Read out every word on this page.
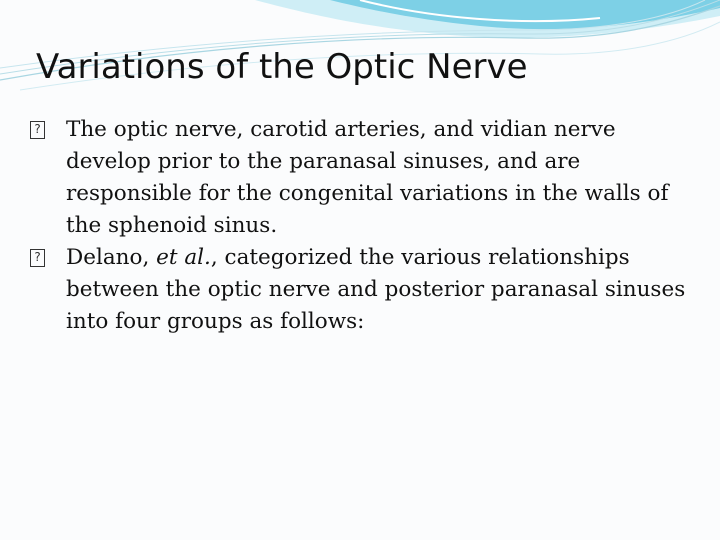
Variations of the Optic Nerve

? The optic nerve, carotid arteries, and vidian nerve develop prior to the paranasal sinuses, and are responsible for the congenital variations in the walls of the sphenoid sinus.

? Delano, et al., categorized the various relationships between the optic nerve and posterior paranasal sinuses into four groups as follows:
